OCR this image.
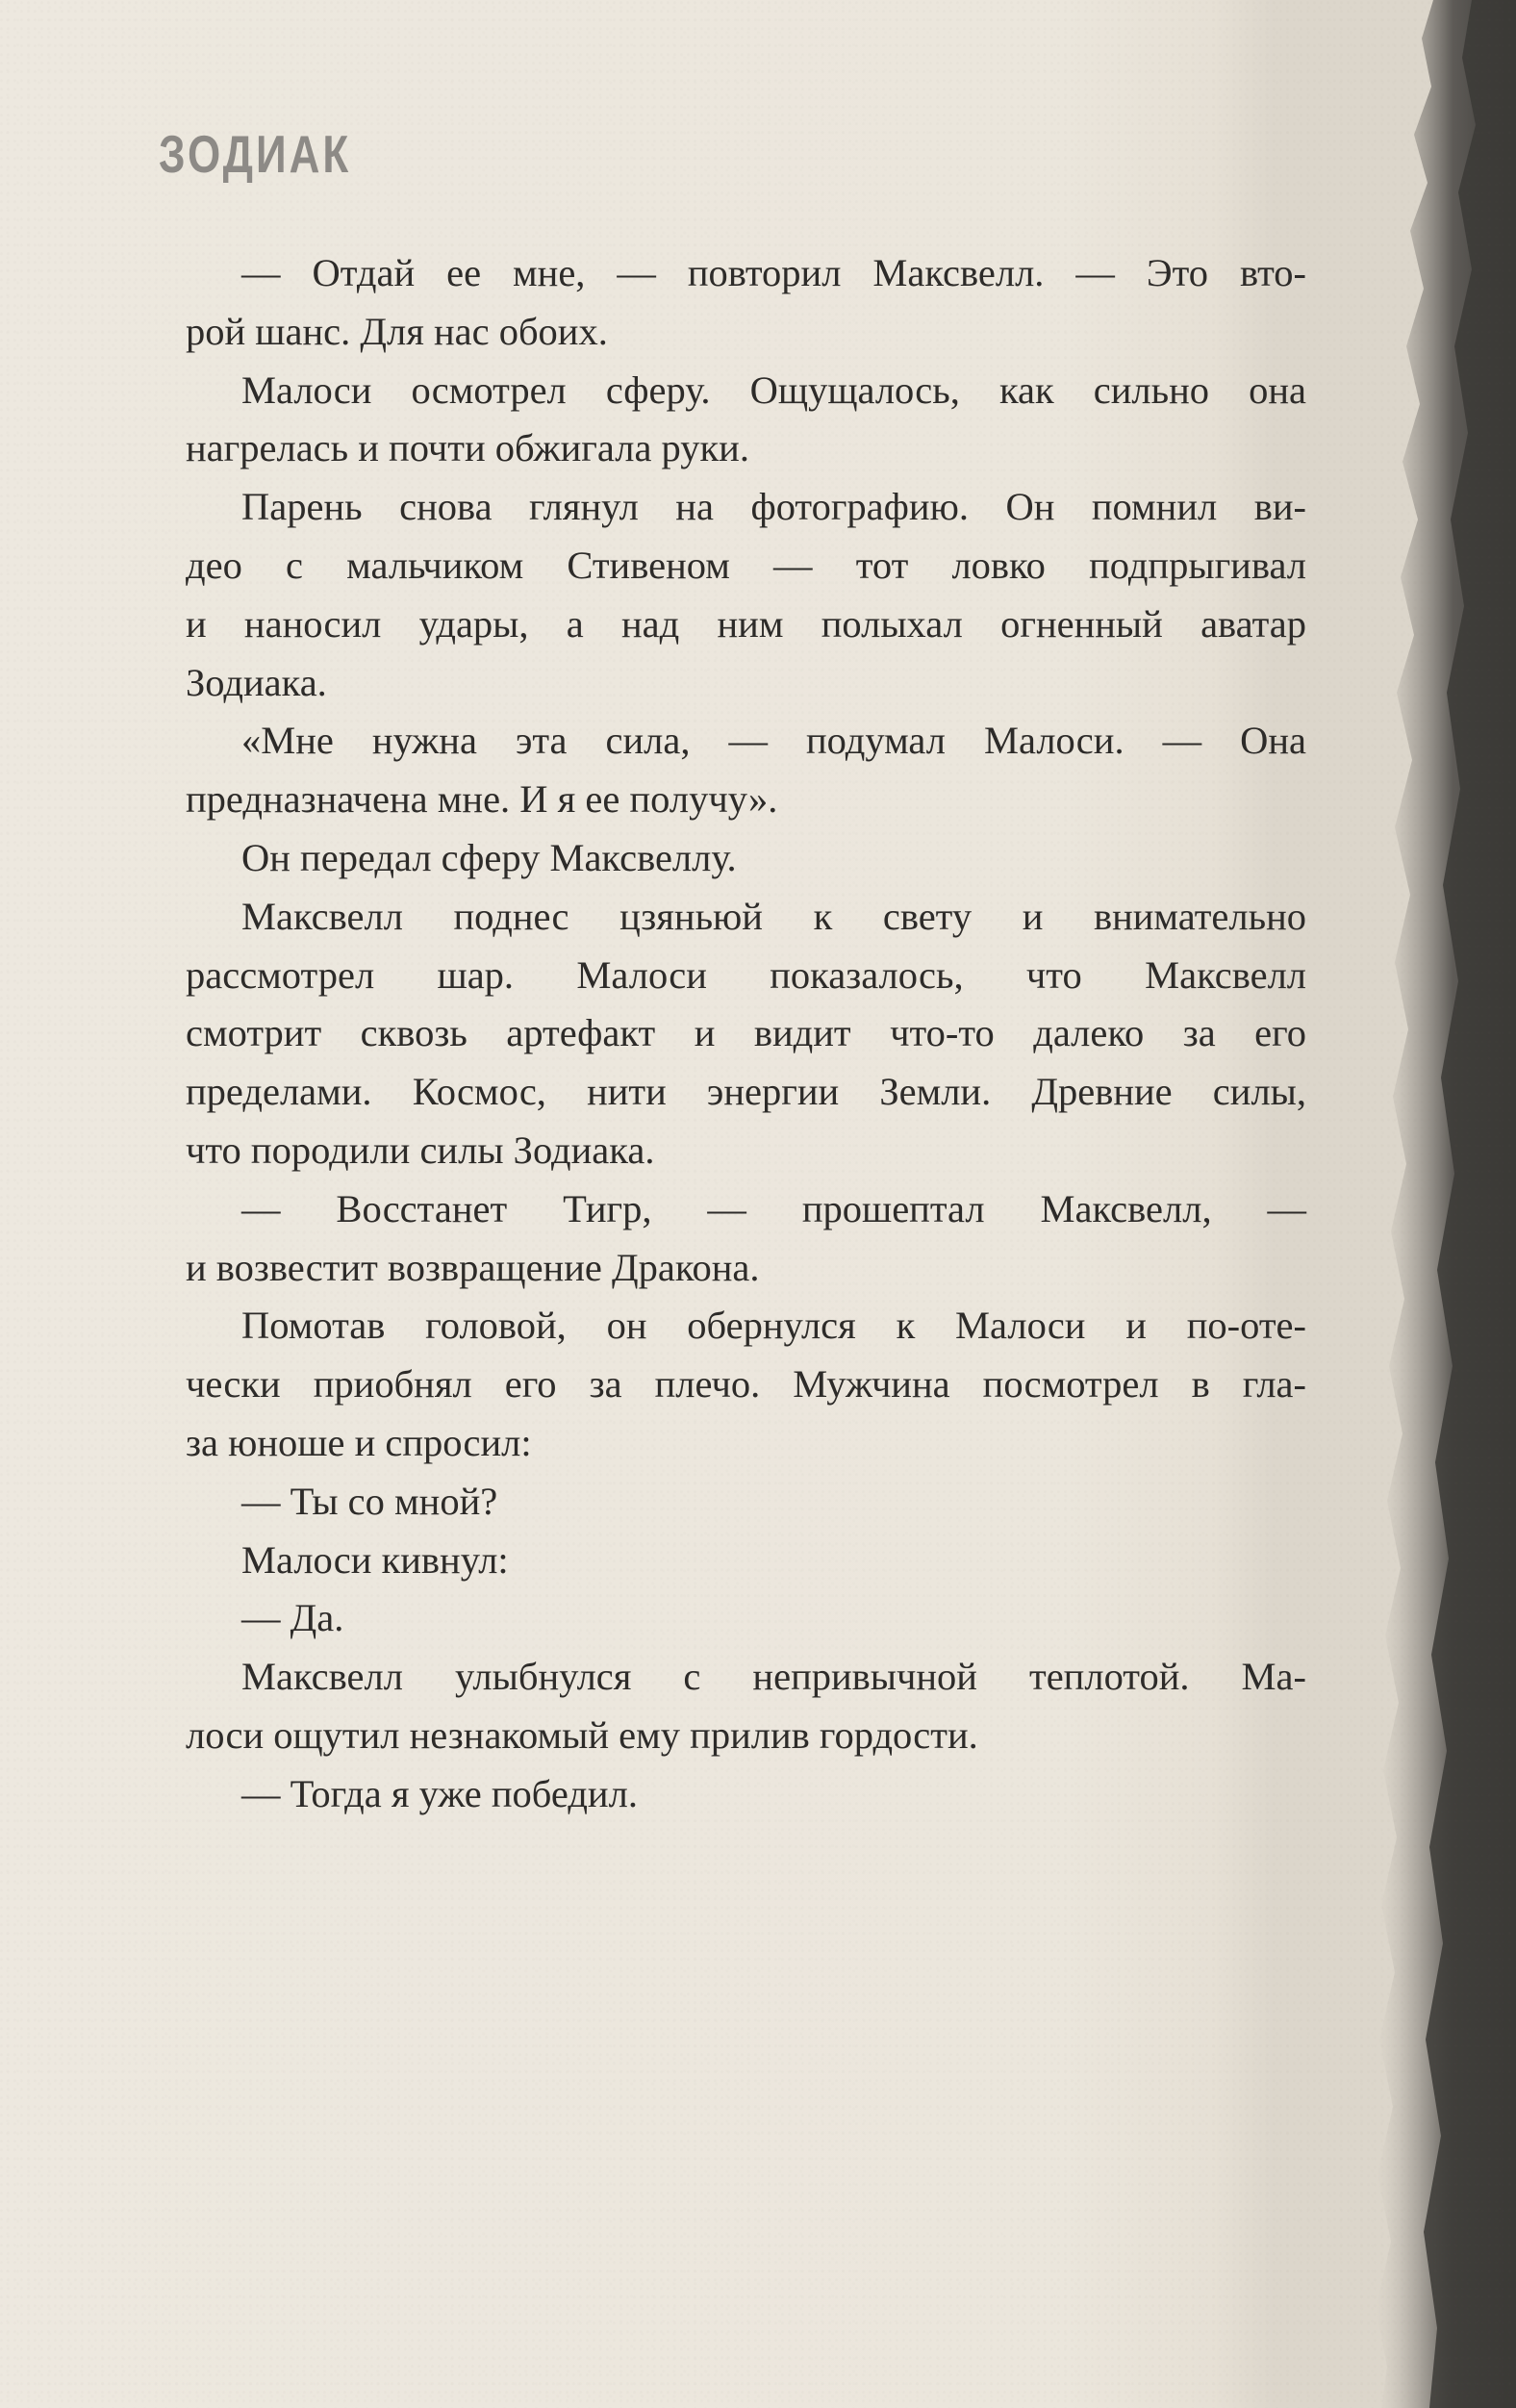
ЗОДИАК
— Отдай ее мне, — повторил Максвелл. — Это вто-
рой шанс. Для нас обоих.
Малоси осмотрел сферу. Ощущалось, как сильно она
нагрелась и почти обжигала руки.
Парень снова глянул на фотографию. Он помнил ви-
део с мальчиком Стивеном — тот ловко подпрыгивал
и наносил удары, а над ним полыхал огненный аватар
Зодиака.
«Мне нужна эта сила, — подумал Малоси. — Она
предназначена мне. И я ее получу».
Он передал сферу Максвеллу.
Максвелл поднес цзяньюй к свету и внимательно
рассмотрел шар. Малоси показалось, что Максвелл
смотрит сквозь артефакт и видит что-то далеко за его
пределами. Космос, нити энергии Земли. Древние силы,
что породили силы Зодиака.
— Восстанет Тигр, — прошептал Максвелл, —
и возвестит возвращение Дракона.
Помотав головой, он обернулся к Малоси и по-оте-
чески приобнял его за плечо. Мужчина посмотрел в гла-
за юноше и спросил:
— Ты со мной?
Малоси кивнул:
— Да.
Максвелл улыбнулся с непривычной теплотой. Ма-
лоси ощутил незнакомый ему прилив гордости.
— Тогда я уже победил.
